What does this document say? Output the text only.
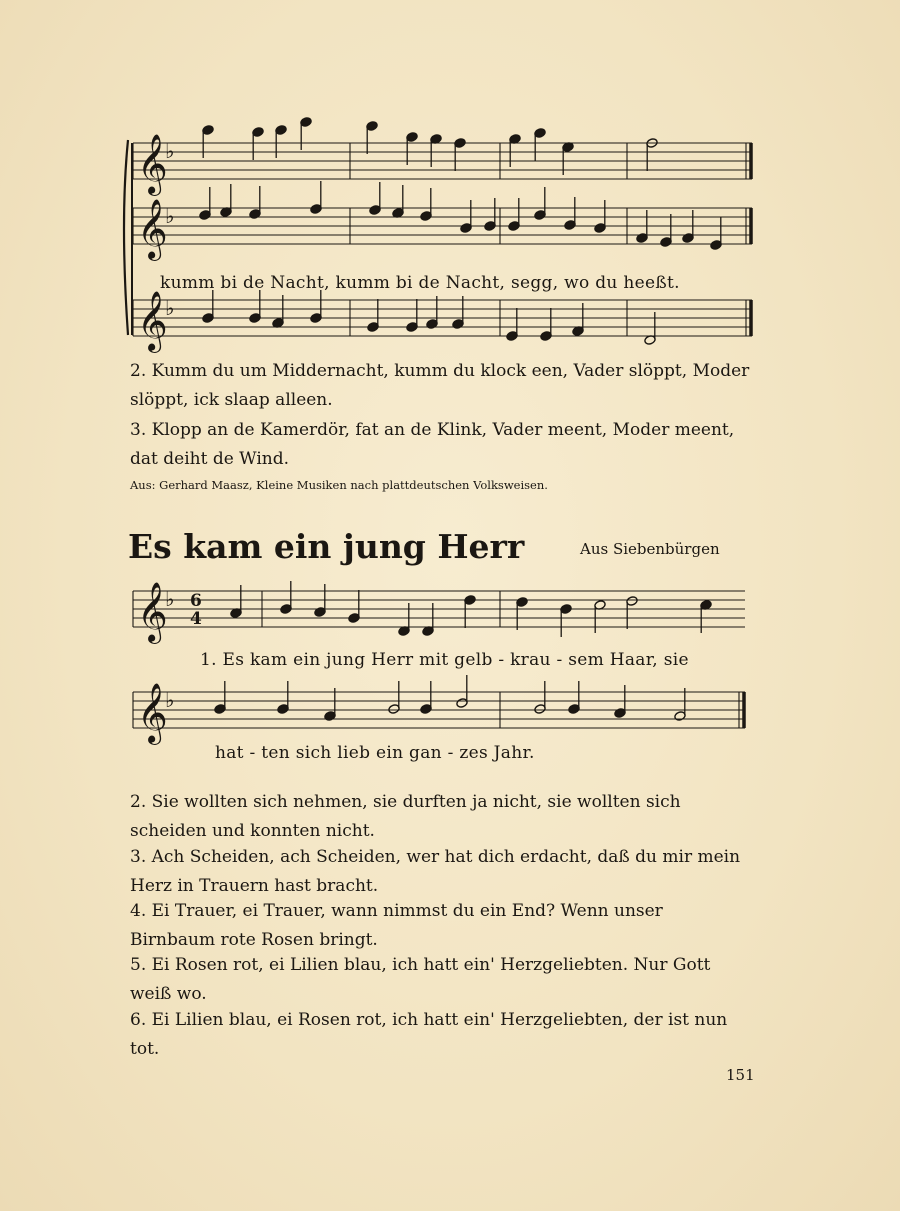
𝄞
♭
𝄞
♭
𝄞
♭
𝄞
♭
𝄞
♭
6
4
kumm bi de Nacht, kumm bi de Nacht, segg, wo du heeßt.
2. Kumm du um Middernacht, kumm du klock een, Vader slöppt, Moder slöppt, ick slaap alleen.
3. Klopp an de Kamerdör, fat an de Klink, Vader meent, Moder meent, dat deiht de Wind.
Aus: Gerhard Maasz, Kleine Musiken nach plattdeutschen Volksweisen.
Es kam ein jung Herr	Aus Siebenbürgen
1. Es kam ein jung Herr mit gelb - krau - sem Haar, sie
hat - ten sich lieb ein gan - zes Jahr.
2. Sie wollten sich nehmen, sie durften ja nicht, sie wollten sich scheiden und konnten nicht.
3. Ach Scheiden, ach Scheiden, wer hat dich erdacht, daß du mir mein Herz in Trauern hast bracht.
4. Ei Trauer, ei Trauer, wann nimmst du ein End? Wenn unser Birnbaum rote Rosen bringt.
5. Ei Rosen rot, ei Lilien blau, ich hatt ein' Herzgeliebten. Nur Gott weiß wo.
6. Ei Lilien blau, ei Rosen rot, ich hatt ein' Herzgeliebten, der ist nun tot.
151
